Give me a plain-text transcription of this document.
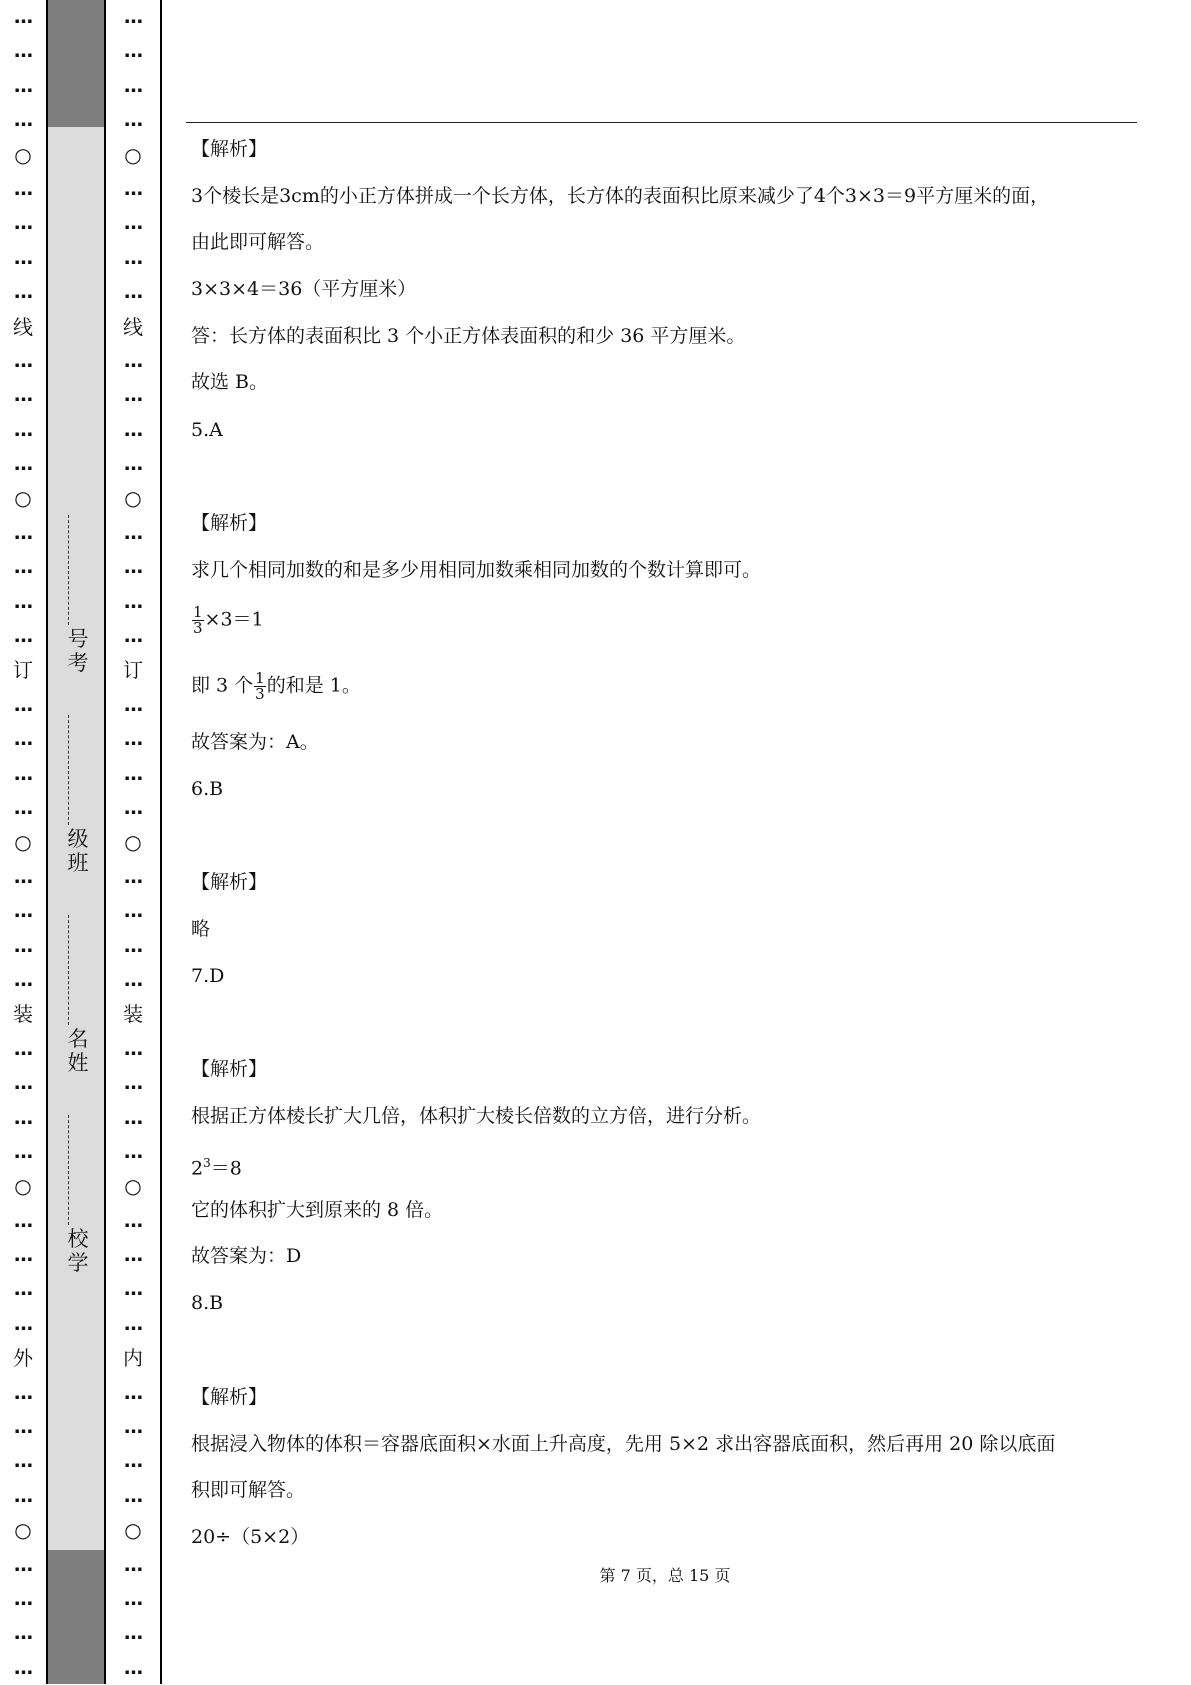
…
…
…
…
○
…
…
…
…
线
…
…
…
…
○
…
…
…
…
订
…
…
…
…
○
…
…
…
…
装
…
…
…
…
○
…
…
…
…
外
…
…
…
…
○
…
…
…
…
…
…
…
…
○
…
…
…
…
线
…
…
…
…
○
…
…
…
…
订
…
…
…
…
○
…
…
…
…
装
…
…
…
…
○
…
…
…
…
内
…
…
…
…
○
…
…
…
…
号考
级班
名姓
校学
【解析】
3个棱长是3cm的小正方体拼成一个长方体，长方体的表面积比原来减少了4个3×3＝9平方厘米的面，
由此即可解答。
3×3×4＝36（平方厘米）
答：长方体的表面积比 3 个小正方体表面积的和少 36 平方厘米。
故选 B。
5.A
【解析】
求几个相同加数的和是多少用相同加数乘相同加数的个数计算即可。
$\frac{1}{3} \times 3=1$
即 3 个 $\frac{1}{3}$ 的和是 1。
故答案为：A。
6.B
【解析】
略
7.D
【解析】
根据正方体棱长扩大几倍，体积扩大棱长倍数的立方倍，进行分析。
$2^3=8$
它的体积扩大到原来的 8 倍。
故答案为：D
8.B
【解析】
根据浸入物体的体积＝容器底面积×水面上升高度，先用 5×2 求出容器底面积，然后再用 20 除以底面
积即可解答。
20÷（5×2）
第 7 页，总 15 页
